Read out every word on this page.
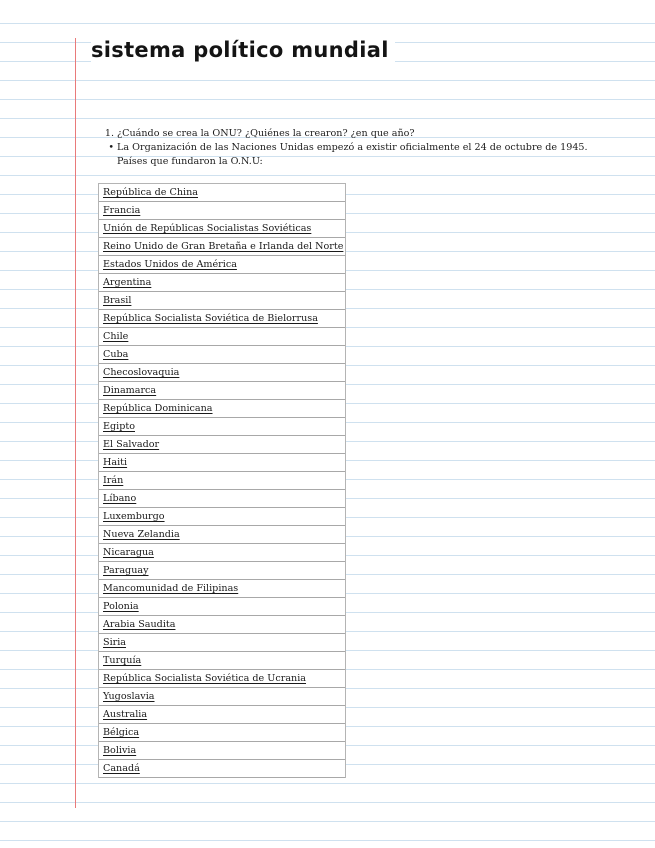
sistema político mundial
1. ¿Cuándo se crea la ONU? ¿Quiénes la crearon? ¿en que año?
• La Organización de las Naciones Unidas empezó a existir oficialmente el 24 de octubre de 1945.
Países que fundaron la O.N.U:
República de China
Francia
Unión de Repúblicas Socialistas Soviéticas
Reino Unido de Gran Bretaña e Irlanda del Norte
Estados Unidos de América
Argentina
Brasil
República Socialista Soviética de Bielorrusa
Chile
Cuba
Checoslovaquia
Dinamarca
República Dominicana
Egipto
El Salvador
Haiti
Irán
Líbano
Luxemburgo
Nueva Zelandia
Nicaragua
Paraguay
Mancomunidad de Filipinas
Polonia
Arabia Saudita
Siria
Turquía
República Socialista Soviética de Ucrania
Yugoslavia
Australia
Bélgica
Bolivia
Canadá
